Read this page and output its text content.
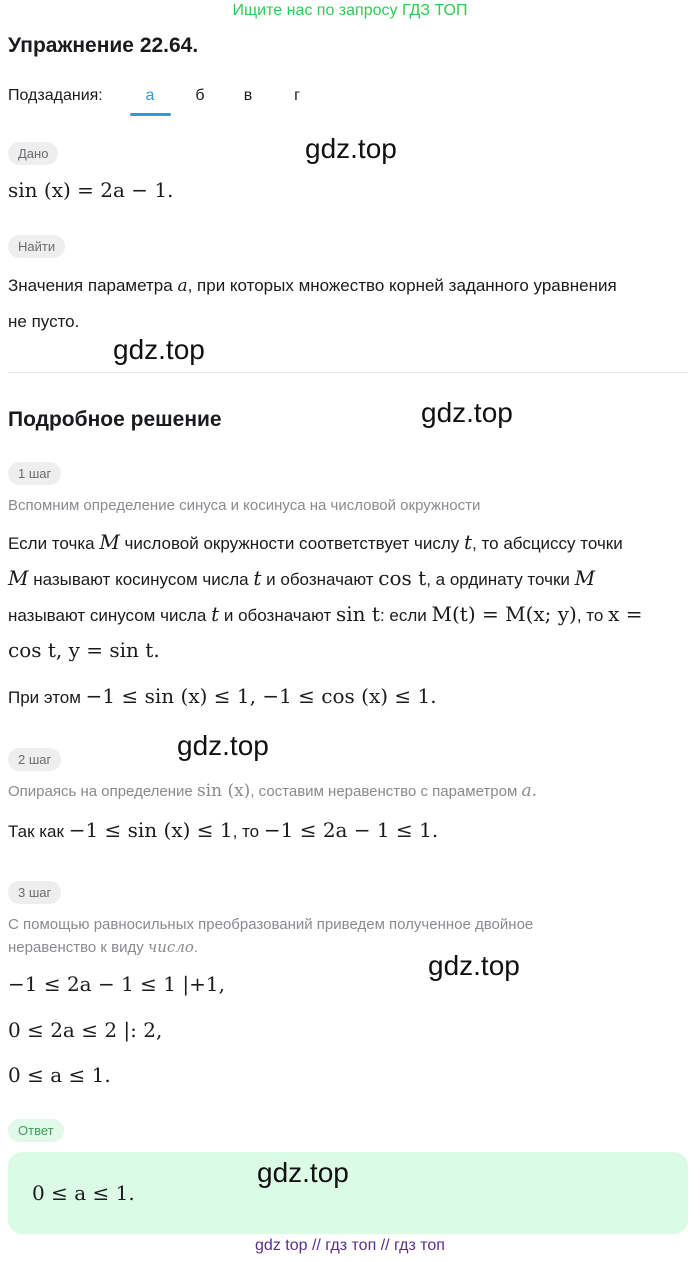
Ищите нас по запросу ГДЗ ТОП
Упражнение 22.64.
Подзадания:	а	б	в	г
Дано
sin (x) = 2a − 1.
Найти
Значения параметра a, при которых множество корней заданного уравнения
не пусто.
Подробное решение
1 шаг
Вспомним определение синуса и косинуса на числовой окружности
Если точка M числовой окружности соответствует числу t, то абсциссу точки
M называют косинусом числа t и обозначают cos t, а ординату точки M
называют синусом числа t и обозначают sin t: если M(t) = M(x; y), то x =
cos t, y = sin t.
При этом −1 ≤ sin (x) ≤ 1, −1 ≤ cos (x) ≤ 1.
2 шаг
Опираясь на определение sin (x), составим неравенство с параметром a.
Так как −1 ≤ sin (x) ≤ 1, то −1 ≤ 2a − 1 ≤ 1.
3 шаг
С помощью равносильных преобразований приведем полученное двойное
неравенство к виду число.
−1 ≤ 2a − 1 ≤ 1 |+1,
0 ≤ 2a ≤ 2 |: 2,
0 ≤ a ≤ 1.
Ответ
0 ≤ a ≤ 1.
gdz.top
gdz.top
gdz.top
gdz.top
gdz.top
gdz.top
gdz top // гдз топ // гдз топ
